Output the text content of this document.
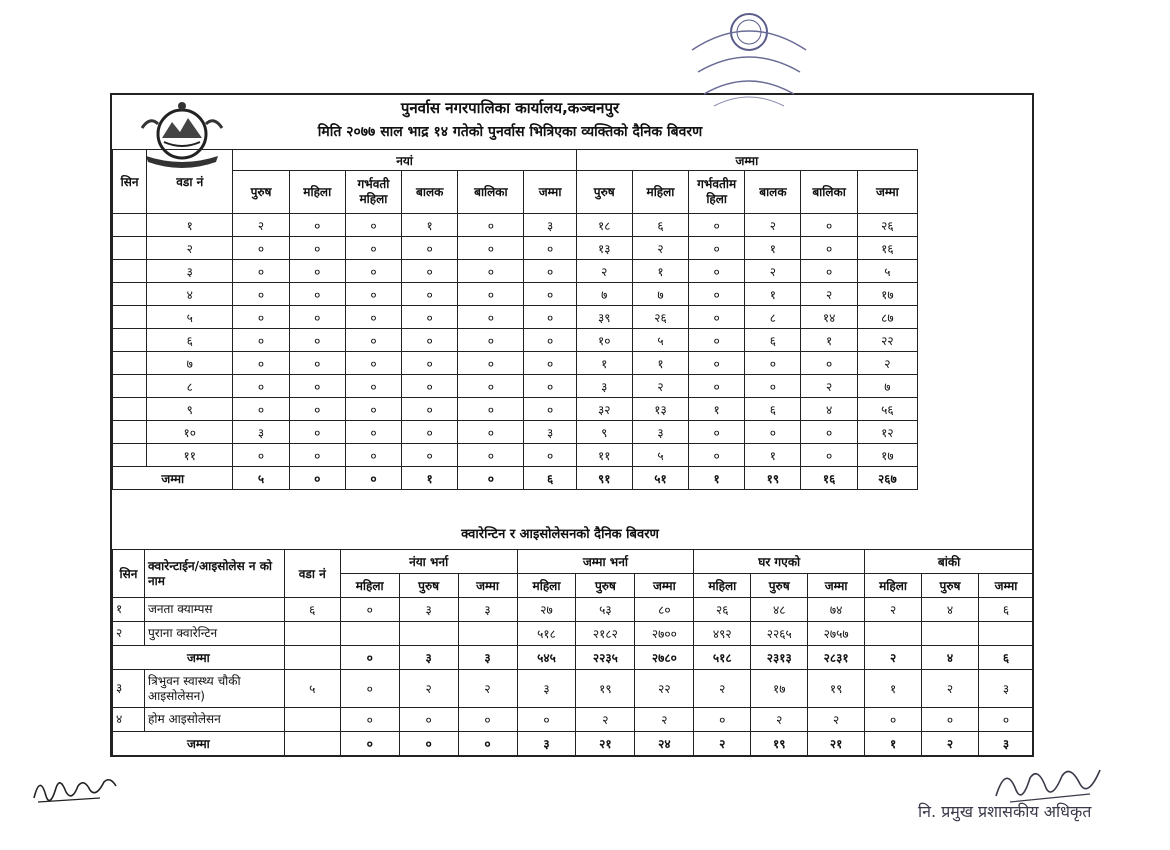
पुनर्वास नगरपालिका कार्यालय,कञ्चनपुर
मिति २०७७ साल भाद्र १४ गतेको पुनर्वास भित्रिएका व्यक्तिको दैनिक बिवरण
सिन	वडा नं	नयां						जम्मा					
		पुरुष	महिला	गर्भवती महिला	बालक	बालिका	जम्मा	पुरुष	महिला	गर्भवतीम हिला	बालक	बालिका	जम्मा
	१	२	०	०	१	०	३	१८	६	०	२	०	२६
	२	०	०	०	०	०	०	१३	२	०	१	०	१६
	३	०	०	०	०	०	०	२	१	०	२	०	५
	४	०	०	०	०	०	०	७	७	०	१	२	१७
	५	०	०	०	०	०	०	३९	२६	०	८	१४	८७
	६	०	०	०	०	०	०	१०	५	०	६	१	२२
	७	०	०	०	०	०	०	१	१	०	०	०	२
	८	०	०	०	०	०	०	३	२	०	०	२	७
	९	०	०	०	०	०	०	३२	१३	१	६	४	५६
	१०	३	०	०	०	०	३	९	३	०	०	०	१२
	११	०	०	०	०	०	०	११	५	०	१	०	१७
जम्मा		५	०	०	१	०	६	९१	५१	१	१९	१६	२६७
क्वारेन्टिन र आइसोलेसनको दैनिक बिवरण
सिन	क्वारेन्टाईन/आइसोलेस न को नाम	वडा नं	नंया भर्ना			जम्मा भर्ना			घर गएको			बांकी		
			महिला	पुरुष	जम्मा	महिला	पुरुष	जम्मा	महिला	पुरुष	जम्मा	महिला	पुरुष	जम्मा
१	जनता क्याम्पस	६	०	३	३	२७	५३	८०	२६	४८	७४	२	४	६
२	पुराना क्वारेन्टिन					५१८	२१८२	२७००	४९२	२२६५	२७५७			
जम्मा			०	३	३	५४५	२२३५	२७८०	५१८	२३१३	२८३१	२	४	६
३	त्रिभुवन स्वास्थ्य चौकी आइसोलेसन)	५	०	२	२	३	१९	२२	२	१७	१९	१	२	३
४	होम आइसोलेसन		०	०	०	०	२	२	०	२	२	०	०	०
जम्मा			०	०	०	३	२१	२४	२	१९	२१	१	२	३
नि. प्रमुख प्रशासकीय अधिकृत
